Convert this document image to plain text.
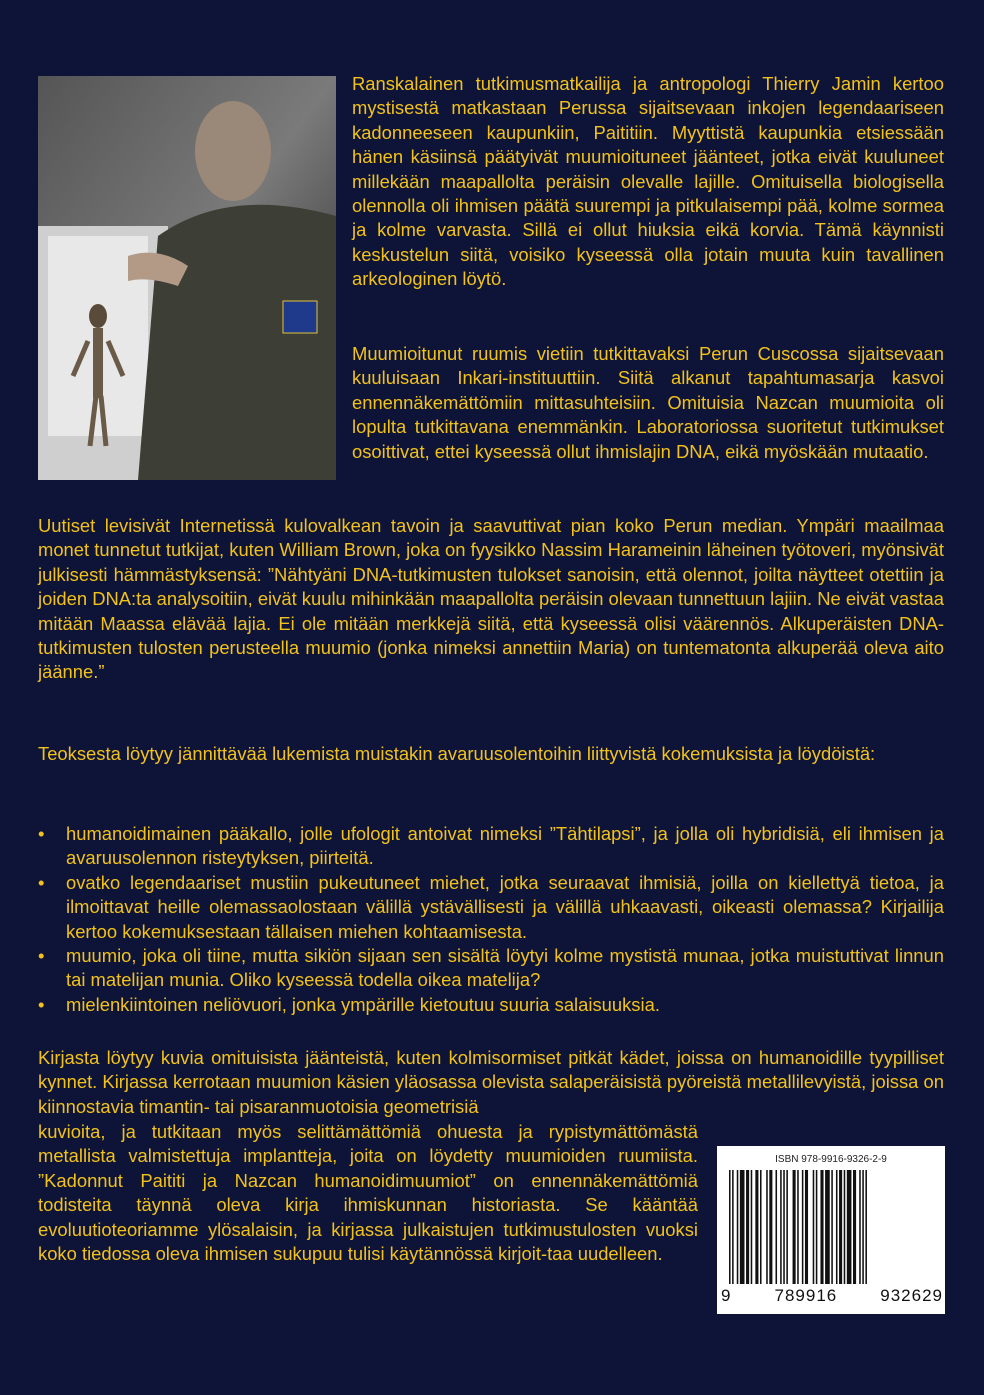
Ranskalainen tutkimusmatkailija ja antropologi Thierry Jamin kertoo mystisestä matkastaan Perussa sijaitsevaan inkojen legendaariseen kadonneeseen kaupunkiin, Paititiin. Myyttistä kaupunkia etsiessään hänen käsiinsä päätyivät muumioituneet jäänteet, jotka eivät kuuluneet millekään maapallolta peräisin olevalle lajille. Omituisella biologisella olennolla oli ihmisen päätä suurempi ja pitkulaisempi pää, kolme sormea ja kolme varvasta. Sillä ei ollut hiuksia eikä korvia. Tämä käynnisti keskustelun siitä, voisiko kyseessä olla jotain muuta kuin tavallinen arkeologinen löytö.

Muumioitunut ruumis vietiin tutkittavaksi Perun Cuscossa sijaitsevaan kuuluisaan Inkari-instituuttiin. Siitä alkanut tapahtumasarja kasvoi ennennäkemättömiin mittasuhteisiin. Omituisia Nazcan muumioita oli lopulta tutkittavana enemmänkin. Laboratoriossa suoritetut tutkimukset osoittivat, ettei kyseessä ollut ihmislajin DNA, eikä myöskään mutaatio.

Uutiset levisivät Internetissä kulovalkean tavoin ja saavuttivat pian koko Perun median. Ympäri maailmaa monet tunnetut tutkijat, kuten William Brown, joka on fyysikko Nassim Harameinin läheinen työtoveri, myönsivät julkisesti hämmästyksensä: ”Nähtyäni DNA-tutkimusten tulokset sanoisin, että olennot, joilta näytteet otettiin ja joiden DNA:ta analysoitiin, eivät kuulu mihinkään maapallolta peräisin olevaan tunnettuun lajiin. Ne eivät vastaa mitään Maassa elävää lajia. Ei ole mitään merkkejä siitä, että kyseessä olisi väärennös. Alkuperäisten DNA-tutkimusten tulosten perusteella muumio (jonka nimeksi annettiin Maria) on tuntematonta alkuperää oleva aito jäänne.”

Teoksesta löytyy jännittävää lukemista muistakin avaruusolentoihin liittyvistä kokemuksista ja löydöistä:

• humanoidimainen pääkallo, jolle ufologit antoivat nimeksi ”Tähtilapsi”, ja jolla oli hybridisiä, eli ihmisen ja avaruusolennon risteytyksen, piirteitä.
• ovatko legendaariset mustiin pukeutuneet miehet, jotka seuraavat ihmisiä, joilla on kiellettyä tietoa, ja ilmoittavat heille olemassaolostaan välillä ystävällisesti ja välillä uhkaavasti, oikeasti olemassa? Kirjailija kertoo kokemuksestaan tällaisen miehen kohtaamisesta.
• muumio, joka oli tiine, mutta sikiön sijaan sen sisältä löytyi kolme mystistä munaa, jotka muistuttivat linnun tai matelijan munia. Oliko kyseessä todella oikea matelija?
• mielenkiintoinen neliövuori, jonka ympärille kietoutuu suuria salaisuuksia.

Kirjasta löytyy kuvia omituisista jäänteistä, kuten kolmisormiset pitkät kädet, joissa on humanoidille tyypilliset kynnet. Kirjassa kerrotaan muumion käsien yläosassa olevista salaperäisistä pyöreistä metallilevyistä, joissa on kiinnostavia timantin- tai pisaranmuotoisia geometrisiä

kuvioita, ja tutkitaan myös selittämättömiä ohuesta ja rypistymättömästä metallista valmistettuja implantteja, joita on löydetty muumioiden ruumiista. ”Kadonnut Paititi ja Nazcan humanoidimuumiot” on ennennäkemättömiä todisteita täynnä oleva kirja ihmiskunnan historiasta. Se kääntää evoluutioteoriamme ylösalaisin, ja kirjassa julkaistujen tutkimustulosten vuoksi koko tiedossa oleva ihmisen sukupuu tulisi käytännössä kirjoit-taa uudelleen.

ISBN 978-9916-9326-2-9
9	789916	932629
